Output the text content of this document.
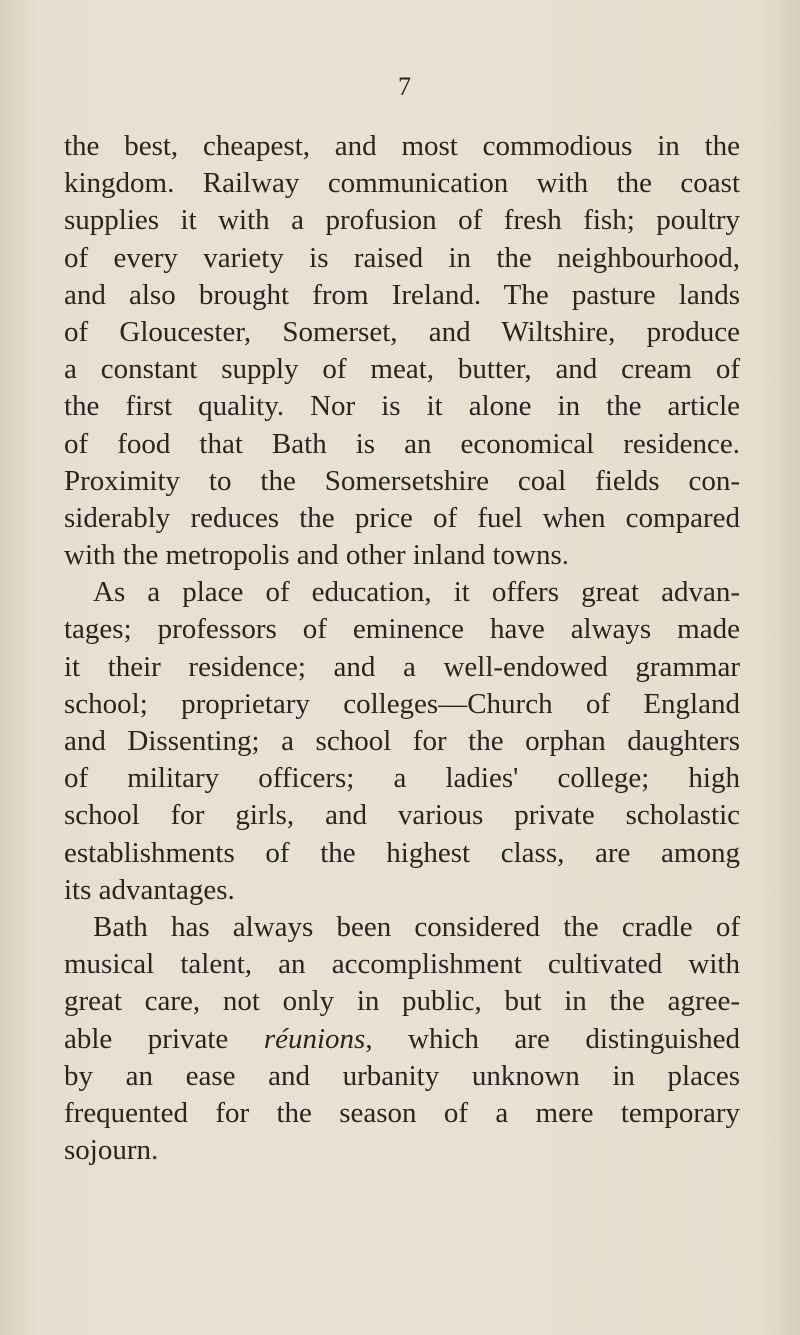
7
the best, cheapest, and most commodious in the
kingdom. Railway communication with the coast
supplies it with a profusion of fresh fish; poultry
of every variety is raised in the neighbourhood,
and also brought from Ireland. The pasture lands
of Gloucester, Somerset, and Wiltshire, produce
a constant supply of meat, butter, and cream of
the first quality. Nor is it alone in the article
of food that Bath is an economical residence.
Proximity to the Somersetshire coal fields con-
siderably reduces the price of fuel when compared
with the metropolis and other inland towns.
As a place of education, it offers great advan-
tages; professors of eminence have always made
it their residence; and a well-endowed grammar
school; proprietary colleges—Church of England
and Dissenting; a school for the orphan daughters
of military officers; a ladies' college; high
school for girls, and various private scholastic
establishments of the highest class, are among
its advantages.
Bath has always been considered the cradle of
musical talent, an accomplishment cultivated with
great care, not only in public, but in the agree-
able private réunions, which are distinguished
by an ease and urbanity unknown in places
frequented for the season of a mere temporary
sojourn.
